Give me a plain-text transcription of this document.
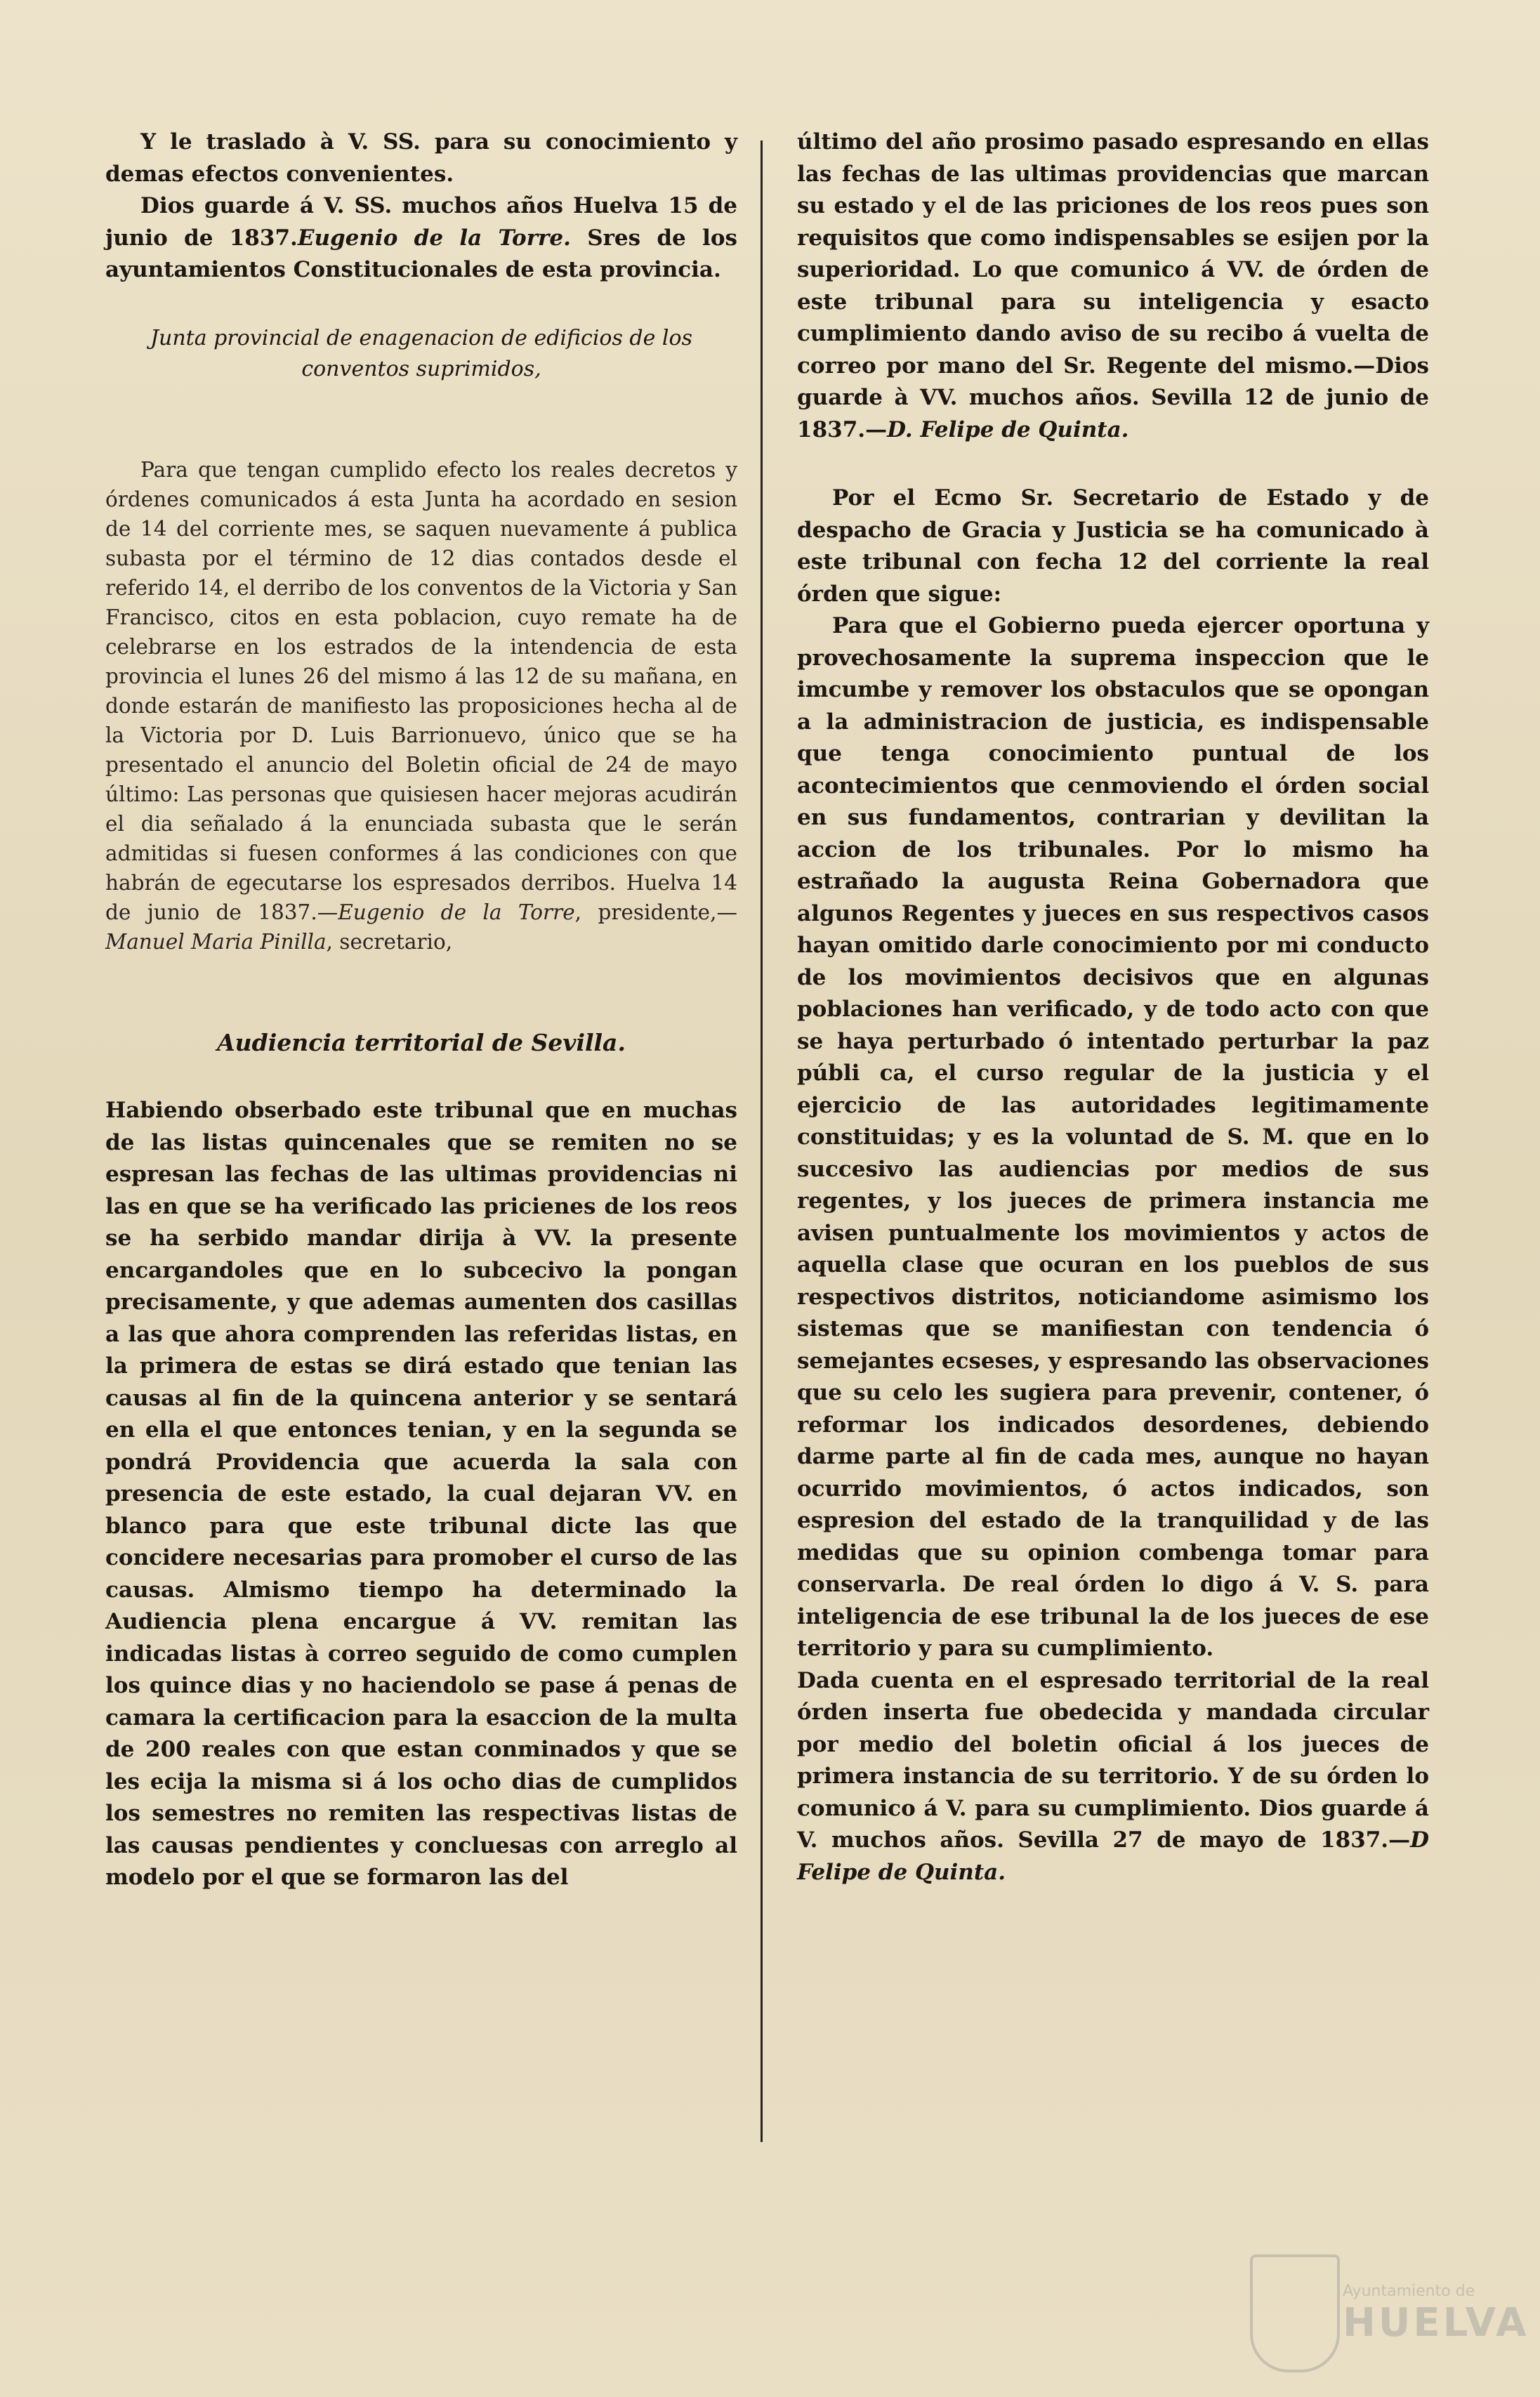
Y le traslado à V. SS. para su conocimiento y demas efectos convenientes.

Dios guarde á V. SS. muchos años Huelva 15 de junio de 1837.Eugenio de la Torre. Sres de los ayuntamientos Constitucionales de esta provincia.

Junta provincial de enagenacion de edificios de los conventos suprimidos,

Para que tengan cumplido efecto los reales decretos y órdenes comunicados á esta Junta ha acordado en sesion de 14 del corriente mes, se saquen nuevamente á publica subasta por el término de 12 dias contados desde el referido 14, el derribo de los conventos de la Victoria y San Francisco, citos en esta poblacion, cuyo remate ha de celebrarse en los estrados de la intendencia de esta provincia el lunes 26 del mismo á las 12 de su mañana, en donde estarán de manifiesto las proposiciones hecha al de la Victoria por D. Luis Barrionuevo, único que se ha presentado el anuncio del Boletin oficial de 24 de mayo último: Las personas que quisiesen hacer mejoras acudirán el dia señalado á la enunciada subasta que le serán admitidas si fuesen conformes á las condiciones con que habrán de egecutarse los espresados derribos. Huelva 14 de junio de 1837.—Eugenio de la Torre, presidente,—Manuel Maria Pinilla, secretario,

Audiencia territorial de Sevilla.

Habiendo obserbado este tribunal que en muchas de las listas quincenales que se remiten no se espresan las fechas de las ultimas providencias ni las en que se ha verificado las pricienes de los reos se ha serbido mandar dirija à VV. la presente encargandoles que en lo subcecivo la pongan precisamente, y que ademas aumenten dos casillas a las que ahora comprenden las referidas listas, en la primera de estas se dirá estado que tenian las causas al fin de la quincena anterior y se sentará en ella el que entonces tenian, y en la segunda se pondrá Providencia que acuerda la sala con presencia de este estado, la cual dejaran VV. en blanco para que este tribunal dicte las que concidere necesarias para promober el curso de las causas. Almismo tiempo ha determinado la Audiencia plena encargue á VV. remitan las indicadas listas à correo seguido de como cumplen los quince dias y no haciendolo se pase á penas de camara la certificacion para la esaccion de la multa de 200 reales con que estan conminados y que se les ecija la misma si á los ocho dias de cumplidos los semestres no remiten las respectivas listas de las causas pendientes y concluesas con arreglo al modelo por el que se formaron las del

último del año prosimo pasado espresando en ellas las fechas de las ultimas providencias que marcan su estado y el de las priciones de los reos pues son requisitos que como indispensables se esijen por la superioridad. Lo que comunico á VV. de órden de este tribunal para su inteligencia y esacto cumplimiento dando aviso de su recibo á vuelta de correo por mano del Sr. Regente del mismo.—Dios guarde à VV. muchos años. Sevilla 12 de junio de 1837.—D. Felipe de Quinta.

Por el Ecmo Sr. Secretario de Estado y de despacho de Gracia y Justicia se ha comunicado à este tribunal con fecha 12 del corriente la real órden que sigue:

Para que el Gobierno pueda ejercer oportuna y provechosamente la suprema inspeccion que le imcumbe y remover los obstaculos que se opongan a la administracion de justicia, es indispensable que tenga conocimiento puntual de los acontecimientos que cenmoviendo el órden social en sus fundamentos, contrarian y devilitan la accion de los tribunales. Por lo mismo ha estrañado la augusta Reina Gobernadora que algunos Regentes y jueces en sus respectivos casos hayan omitido darle conocimiento por mi conducto de los movimientos decisivos que en algunas poblaciones han verificado, y de todo acto con que se haya perturbado ó intentado perturbar la paz públi ca, el curso regular de la justicia y el ejercicio de las autoridades legitimamente constituidas; y es la voluntad de S. M. que en lo succesivo las audiencias por medios de sus regentes, y los jueces de primera instancia me avisen puntualmente los movimientos y actos de aquella clase que ocuran en los pueblos de sus respectivos distritos, noticiandome asimismo los sistemas que se manifiestan con tendencia ó semejantes ecseses, y espresando las observaciones que su celo les sugiera para prevenir, contener, ó reformar los indicados desordenes, debiendo darme parte al fin de cada mes, aunque no hayan ocurrido movimientos, ó actos indicados, son espresion del estado de la tranquilidad y de las medidas que su opinion combenga tomar para conservarla. De real órden lo digo á V. S. para inteligencia de ese tribunal la de los jueces de ese territorio y para su cumplimiento.

Dada cuenta en el espresado territorial de la real órden inserta fue obedecida y mandada circular por medio del boletin oficial á los jueces de primera instancia de su territorio. Y de su órden lo comunico á V. para su cumplimiento. Dios guarde á V. muchos años. Sevilla 27 de mayo de 1837.—D Felipe de Quinta.

Ayuntamiento de
HUELVA
